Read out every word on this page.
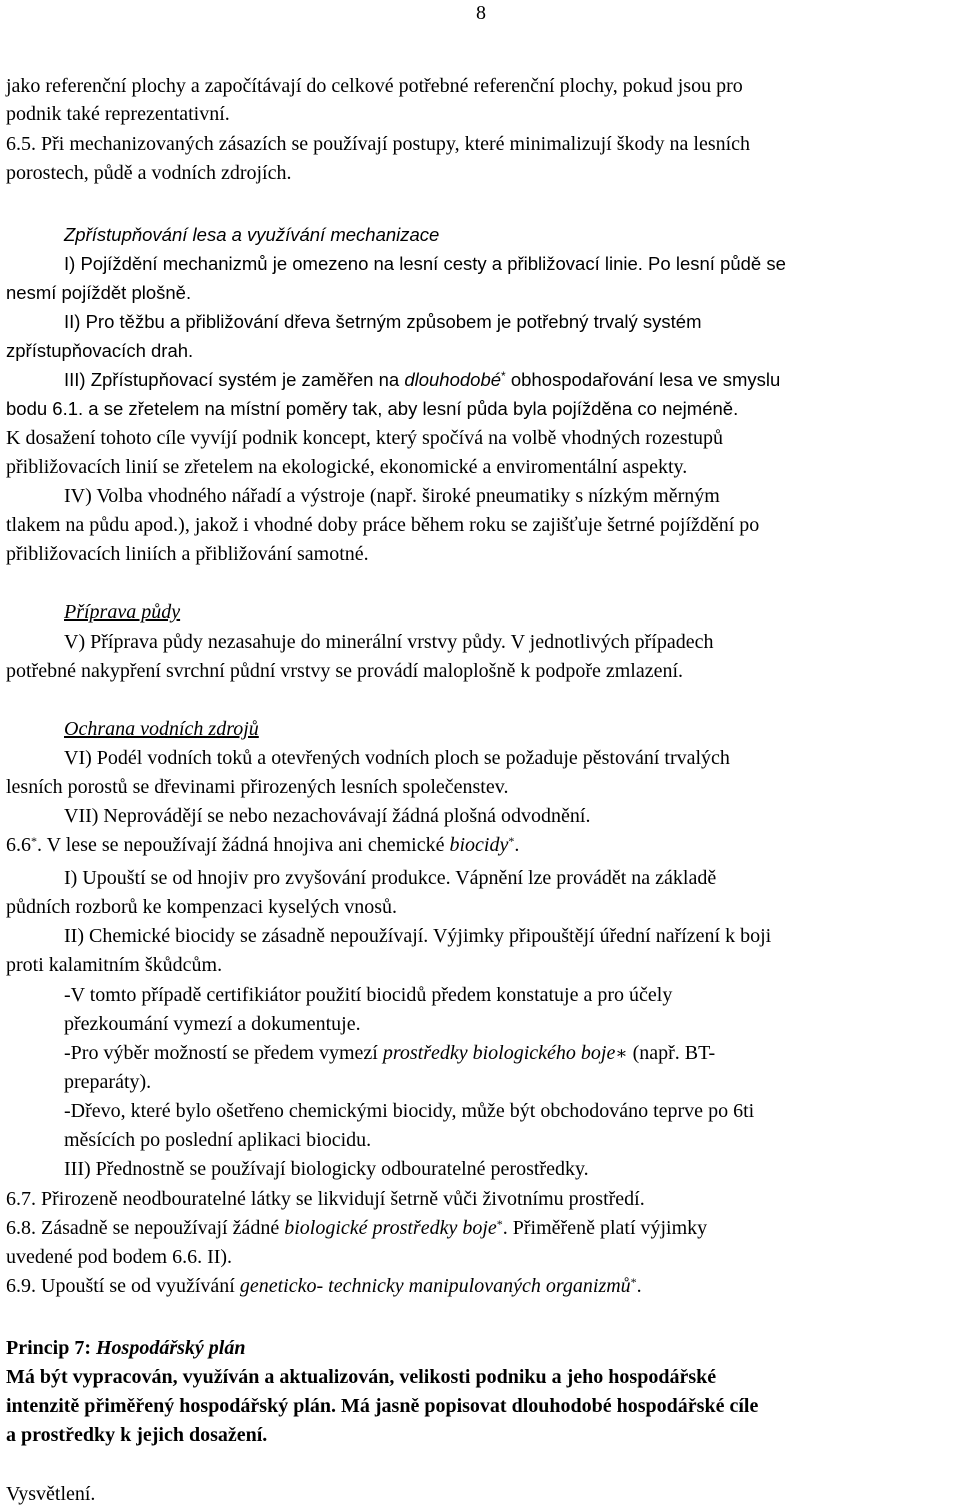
8
jako referenční plochy a započítávají do celkové potřebné referenční plochy, pokud jsou pro
podnik také reprezentativní.
6.5. Při mechanizovaných zásazích se používají postupy, které minimalizují škody na lesních
porostech, půdě a vodních zdrojích.
Zpřístupňování lesa a využívání mechanizace
I) Pojíždění mechanizmů je omezeno na lesní cesty a přibližovací linie. Po lesní půdě se
nesmí pojíždět plošně.
II) Pro těžbu a přibližování dřeva šetrným způsobem je potřebný trvalý systém
zpřístupňovacích drah.
III) Zpřístupňovací systém je zaměřen na dlouhodobé* obhospodařování lesa ve smyslu
bodu 6.1. a se zřetelem na místní poměry tak, aby lesní půda byla pojížděna co nejméně.
K dosažení tohoto cíle vyvíjí podnik koncept, který spočívá na volbě vhodných rozestupů
přibližovacích linií se zřetelem na ekologické, ekonomické a enviromentální aspekty.
IV) Volba vhodného nářadí a výstroje (např. široké pneumatiky s nízkým měrným
tlakem na půdu apod.), jakož i vhodné doby práce během roku se zajišťuje šetrné pojíždění po
přibližovacích liniích a přibližování samotné.
Příprava půdy
V) Příprava půdy nezasahuje do minerální vrstvy půdy. V jednotlivých případech
potřebné nakypření svrchní půdní vrstvy se provádí maloplošně k podpoře zmlazení.
Ochrana vodních zdrojů
VI) Podél vodních toků a otevřených vodních ploch se požaduje pěstování trvalých
lesních porostů se dřevinami přirozených lesních společenstev.
VII) Neprovádějí se nebo nezachovávají žádná plošná odvodnění.
6.6*. V lese se nepoužívají žádná hnojiva ani chemické biocidy*.
I) Upouští se od hnojiv pro zvyšování produkce. Vápnění lze provádět na základě
půdních rozborů ke kompenzaci kyselých vnosů.
II) Chemické biocidy se zásadně nepoužívají. Výjimky připouštějí úřední nařízení k boji
proti kalamitním škůdcům.
-V tomto případě certifikiátor použití biocidů předem konstatuje a pro účely
přezkoumání vymezí a dokumentuje.
-Pro výběr možností se předem vymezí prostředky biologického boje∗ (např. BT-
preparáty).
-Dřevo, které bylo ošetřeno chemickými biocidy, může být obchodováno teprve po 6ti
měsících po poslední aplikaci biocidu.
III) Přednostně se používají biologicky odbouratelné perostředky.
6.7. Přirozeně neodbouratelné látky se likvidují šetrně vůči životnímu prostředí.
6.8. Zásadně se nepoužívají žádné biologické prostředky boje*. Přiměřeně platí výjimky
uvedené pod bodem 6.6. II).
6.9. Upouští se od využívání geneticko- technicky manipulovaných organizmů*.
Princip 7: Hospodářský plán
Má být vypracován, využíván a aktualizován, velikosti podniku a jeho hospodářské
intenzitě přiměřený hospodářský plán. Má jasně popisovat dlouhodobé hospodářské cíle
a prostředky k jejich dosažení.
Vysvětlení.
